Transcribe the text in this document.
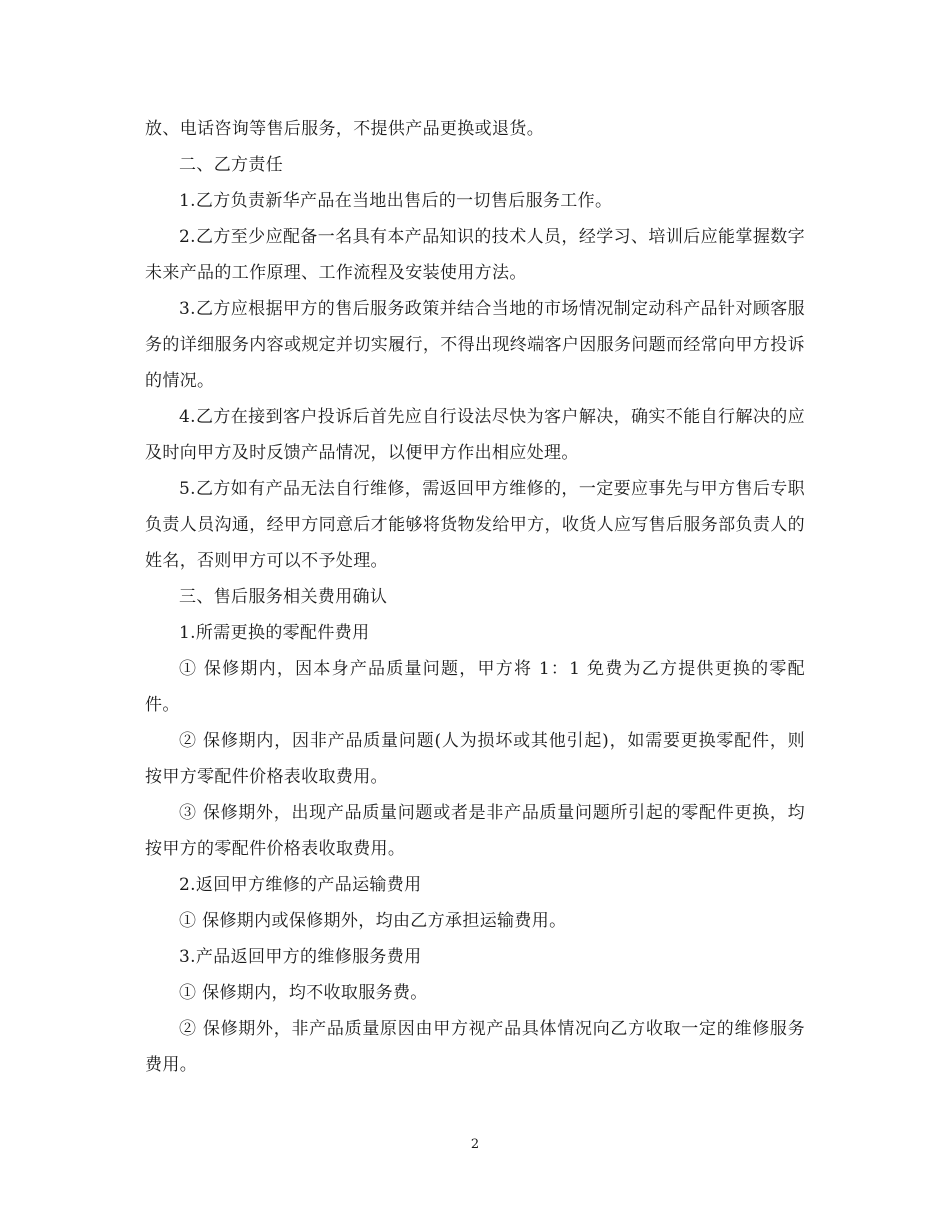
放、电话咨询等售后服务，不提供产品更换或退货。

二、乙方责任

1.乙方负责新华产品在当地出售后的一切售后服务工作。

2.乙方至少应配备一名具有本产品知识的技术人员，经学习、培训后应能掌握数字未来产品的工作原理、工作流程及安装使用方法。

3.乙方应根据甲方的售后服务政策并结合当地的市场情况制定动科产品针对顾客服务的详细服务内容或规定并切实履行，不得出现终端客户因服务问题而经常向甲方投诉的情况。

4.乙方在接到客户投诉后首先应自行设法尽快为客户解决，确实不能自行解决的应及时向甲方及时反馈产品情况，以便甲方作出相应处理。

5.乙方如有产品无法自行维修，需返回甲方维修的，一定要应事先与甲方售后专职负责人员沟通，经甲方同意后才能够将货物发给甲方，收货人应写售后服务部负责人的姓名，否则甲方可以不予处理。

三、售后服务相关费用确认

1.所需更换的零配件费用

① 保修期内，因本身产品质量问题，甲方将 1：1 免费为乙方提供更换的零配件。

② 保修期内，因非产品质量问题(人为损坏或其他引起)，如需要更换零配件，则按甲方零配件价格表收取费用。

③ 保修期外，出现产品质量问题或者是非产品质量问题所引起的零配件更换，均按甲方的零配件价格表收取费用。

2.返回甲方维修的产品运输费用

① 保修期内或保修期外，均由乙方承担运输费用。

3.产品返回甲方的维修服务费用

① 保修期内，均不收取服务费。

② 保修期外，非产品质量原因由甲方视产品具体情况向乙方收取一定的维修服务费用。

2
